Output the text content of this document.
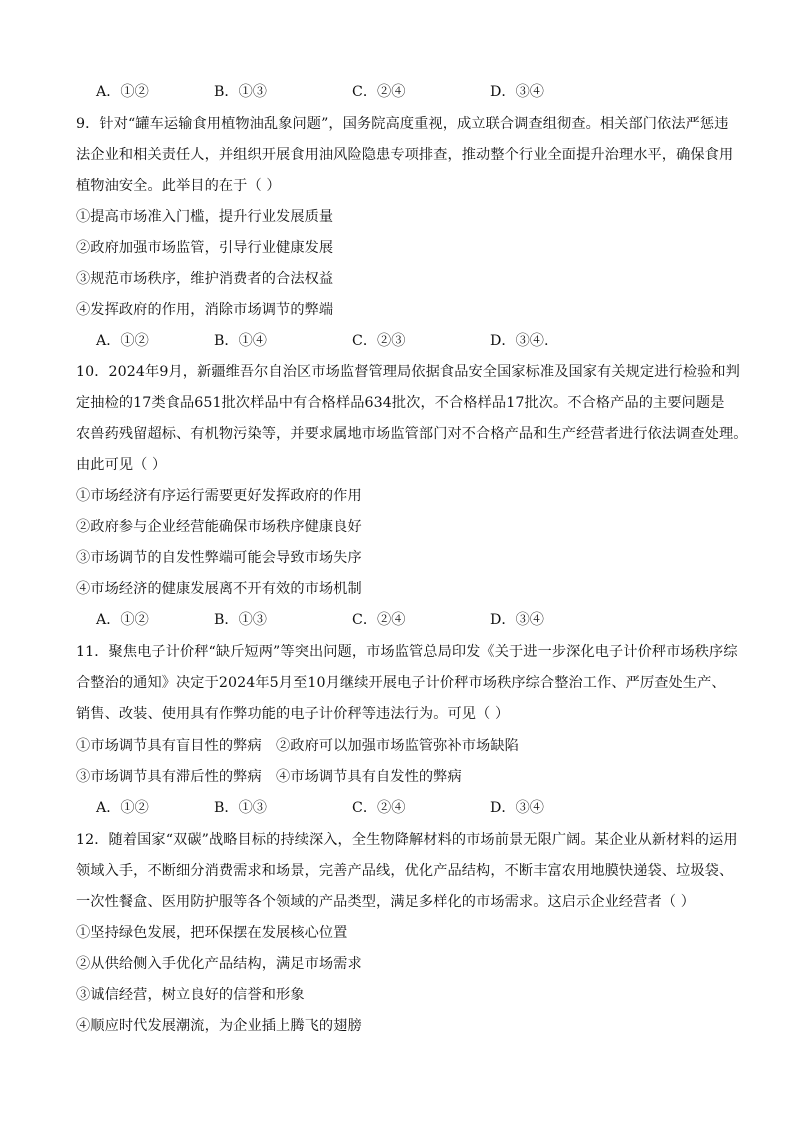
A．①②	B．①③	C．②④	D．③④
9．针对“罐车运输食用植物油乱象问题”，国务院高度重视，成立联合调查组彻查。相关部门依法严惩违
法企业和相关责任人，并组织开展食用油风险隐患专项排查，推动整个行业全面提升治理水平，确保食用
植物油安全。此举目的在于（ ）
①提高市场准入门槛，提升行业发展质量
②政府加强市场监管，引导行业健康发展
③规范市场秩序，维护消费者的合法权益
④发挥政府的作用，消除市场调节的弊端
A．①②	B．①④	C．②③	D．③④.
10．2024年9月，新疆维吾尔自治区市场监督管理局依据食品安全国家标准及国家有关规定进行检验和判
定抽检的17类食品651批次样品中有合格样品634批次，不合格样品17批次。不合格产品的主要问题是
农兽药残留超标、有机物污染等，并要求属地市场监管部门对不合格产品和生产经营者进行依法调查处理。
由此可见（ ）
①市场经济有序运行需要更好发挥政府的作用
②政府参与企业经营能确保市场秩序健康良好
③市场调节的自发性弊端可能会导致市场失序
④市场经济的健康发展离不开有效的市场机制
A．①②	B．①③	C．②④	D．③④
11．聚焦电子计价秤“缺斤短两”等突出问题，市场监管总局印发《关于进一步深化电子计价秤市场秩序综
合整治的通知》决定于2024年5月至10月继续开展电子计价秤市场秩序综合整治工作、严厉查处生产、
销售、改装、使用具有作弊功能的电子计价秤等违法行为。可见（ ）
①市场调节具有盲目性的弊病 ②政府可以加强市场监管弥补市场缺陷
③市场调节具有滞后性的弊病 ④市场调节具有自发性的弊病
A．①②	B．①③	C．②④	D．③④
12．随着国家“双碳”战略目标的持续深入，全生物降解材料的市场前景无限广阔。某企业从新材料的运用
领域入手，不断细分消费需求和场景，完善产品线，优化产品结构，不断丰富农用地膜快递袋、垃圾袋、
一次性餐盒、医用防护服等各个领域的产品类型，满足多样化的市场需求。这启示企业经营者（ ）
①坚持绿色发展，把环保摆在发展核心位置
②从供给侧入手优化产品结构，满足市场需求
③诚信经营，树立良好的信誉和形象
④顺应时代发展潮流，为企业插上腾飞的翅膀
